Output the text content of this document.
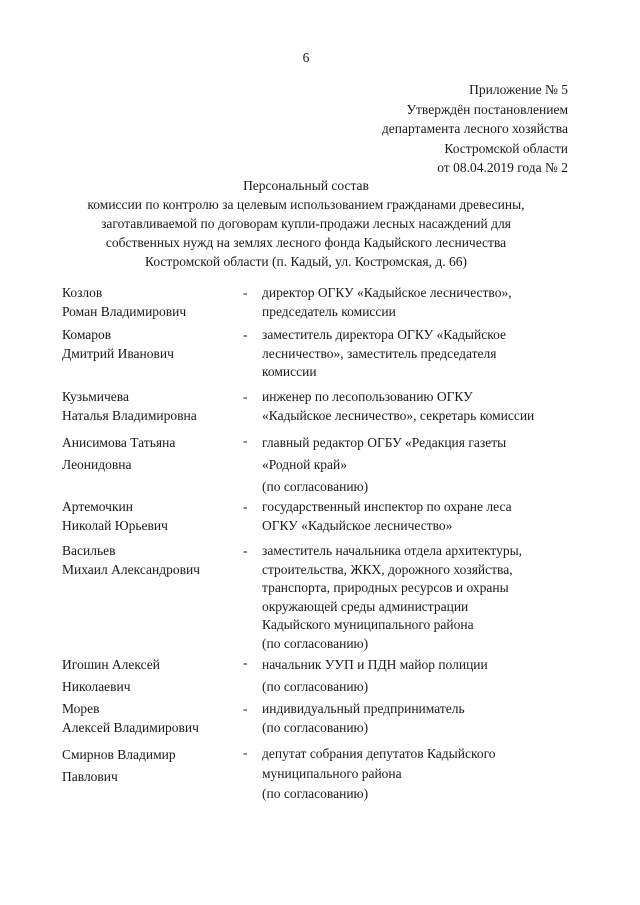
6
Приложение № 5
Утверждён постановлением
департамента лесного хозяйства
Костромской области
от 08.04.2019 года № 2
Персональный состав
комиссии по контролю за целевым использованием гражданами древесины,
заготавливаемой по договорам купли-продажи лесных насаждений для
собственных нужд на землях лесного фонда Кадыйского лесничества
Костромской области (п. Кадый, ул. Костромская, д. 66)
Козлов
Роман Владимирович
- директор ОГКУ «Кадыйское лесничество»,
председатель комиссии
Комаров
Дмитрий Иванович
- заместитель директора ОГКУ «Кадыйское
лесничество», заместитель председателя
комиссии
Кузьмичева
Наталья Владимировна
- инженер по лесопользованию ОГКУ
«Кадыйское лесничество», секретарь комиссии
Анисимова Татьяна
Леонидовна
- главный редактор ОГБУ «Редакция газеты
«Родной край»
(по согласованию)
Артемочкин
Николай Юрьевич
- государственный инспектор по охране леса
ОГКУ «Кадыйское лесничество»
Васильев
Михаил Александрович
- заместитель начальника отдела архитектуры,
строительства, ЖКХ, дорожного хозяйства,
транспорта, природных ресурсов и охраны
окружающей среды администрации
Кадыйского муниципального района
(по согласованию)
Игошин Алексей
Николаевич
- начальник УУП и ПДН майор полиции
(по согласованию)
Морев
Алексей Владимирович
- индивидуальный предприниматель
(по согласованию)
Смирнов Владимир
Павлович
- депутат собрания депутатов Кадыйского
муниципального района
(по согласованию)
